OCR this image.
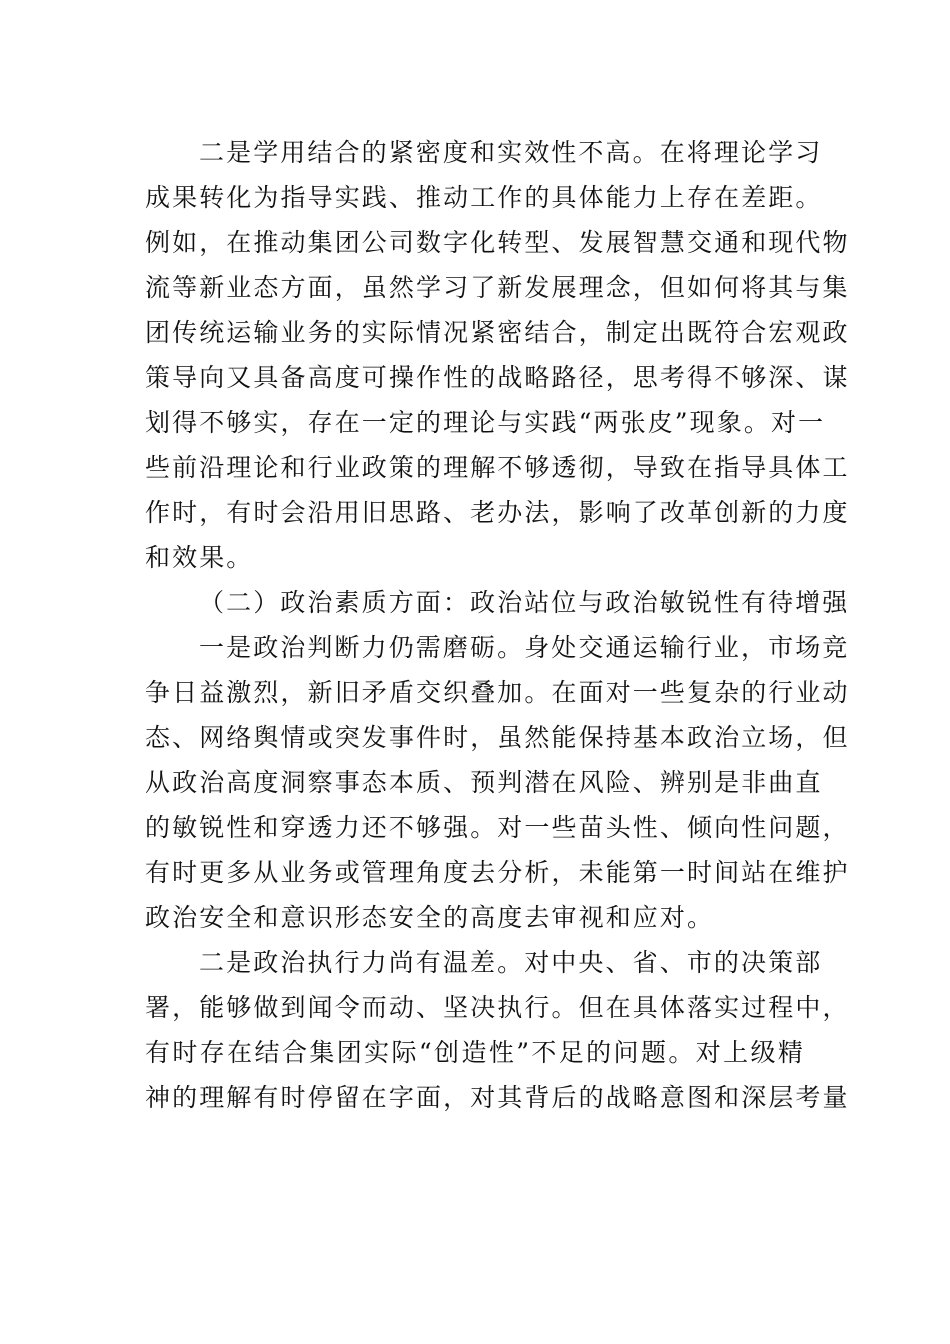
二是学用结合的紧密度和实效性不高。在将理论学习
成果转化为指导实践、推动工作的具体能力上存在差距。
例如，在推动集团公司数字化转型、发展智慧交通和现代物
流等新业态方面，虽然学习了新发展理念，但如何将其与集
团传统运输业务的实际情况紧密结合，制定出既符合宏观政
策导向又具备高度可操作性的战略路径，思考得不够深、谋
划得不够实，存在一定的理论与实践“两张皮”现象。对一
些前沿理论和行业政策的理解不够透彻，导致在指导具体工
作时，有时会沿用旧思路、老办法，影响了改革创新的力度
和效果。
（二）政治素质方面：政治站位与政治敏锐性有待增强
一是政治判断力仍需磨砺。身处交通运输行业，市场竞
争日益激烈，新旧矛盾交织叠加。在面对一些复杂的行业动
态、网络舆情或突发事件时，虽然能保持基本政治立场，但
从政治高度洞察事态本质、预判潜在风险、辨别是非曲直
的敏锐性和穿透力还不够强。对一些苗头性、倾向性问题，
有时更多从业务或管理角度去分析，未能第一时间站在维护
政治安全和意识形态安全的高度去审视和应对。
二是政治执行力尚有温差。对中央、省、市的决策部
署，能够做到闻令而动、坚决执行。但在具体落实过程中，
有时存在结合集团实际“创造性”不足的问题。对上级精
神的理解有时停留在字面，对其背后的战略意图和深层考量
